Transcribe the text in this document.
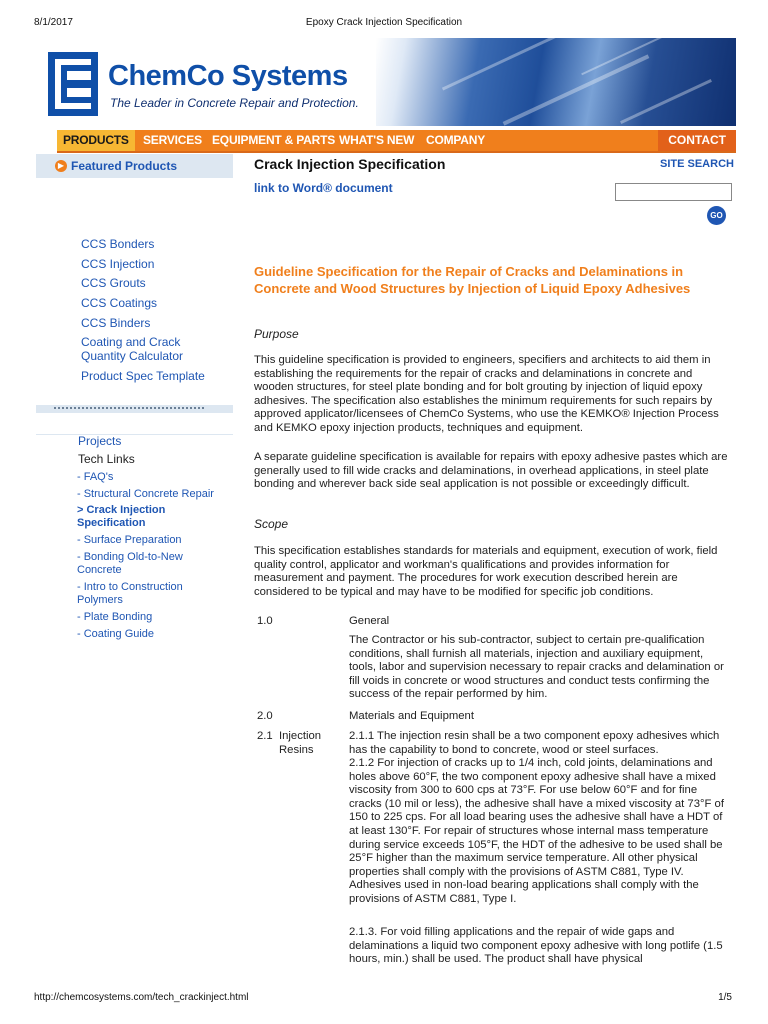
8/1/2017	Epoxy Crack Injection Specification
ChemCo Systems
The Leader in Concrete Repair and Protection.
PRODUCTS	SERVICES EQUIPMENT & PARTS WHAT'S NEW COMPANY	CONTACT
▶ Featured Products
CCS Bonders
CCS Injection
CCS Grouts
CCS Coatings
CCS Binders
Coating and Crack Quantity Calculator
Product Spec Template
Projects
Tech Links
- FAQ's
- Structural Concrete Repair
> Crack Injection Specification
- Surface Preparation
- Bonding Old-to-New Concrete
- Intro to Construction Polymers
- Plate Bonding
- Coating Guide
SITE SEARCH
GO
Crack Injection Specification
link to Word® document
Guideline Specification for the Repair of Cracks and Delaminations in Concrete and Wood Structures by Injection of Liquid Epoxy Adhesives
Purpose
This guideline specification is provided to engineers, specifiers and architects to aid them in establishing the requirements for the repair of cracks and delaminations in concrete and wooden structures, for steel plate bonding and for bolt grouting by injection of liquid epoxy adhesives. The specification also establishes the minimum requirements for such repairs by approved applicator/licensees of ChemCo Systems, who use the KEMKO® Injection Process and KEMKO epoxy injection products, techniques and equipment.
A separate guideline specification is available for repairs with epoxy adhesive pastes which are generally used to fill wide cracks and delaminations, in overhead applications, in steel plate bonding and wherever back side seal application is not possible or exceedingly difficult.
Scope
This specification establishes standards for materials and equipment, execution of work, field quality control, applicator and workman's qualifications and provides information for measurement and payment. The procedures for work execution described herein are considered to be typical and may have to be modified for specific job conditions.
1.0	General
The Contractor or his sub-contractor, subject to certain pre-qualification conditions, shall furnish all materials, injection and auxiliary equipment, tools, labor and supervision necessary to repair cracks and delamination or fill voids in concrete or wood structures and conduct tests confirming the success of the repair performed by him.
2.0	Materials and Equipment
2.1 Injection Resins
2.1.1 The injection resin shall be a two component epoxy adhesives which has the capability to bond to concrete, wood or steel surfaces.
2.1.2 For injection of cracks up to 1/4 inch, cold joints, delaminations and holes above 60°F, the two component epoxy adhesive shall have a mixed viscosity from 300 to 600 cps at 73°F. For use below 60°F and for fine cracks (10 mil or less), the adhesive shall have a mixed viscosity at 73°F of 150 to 225 cps. For all load bearing uses the adhesive shall have a HDT of at least 130°F. For repair of structures whose internal mass temperature during service exceeds 105°F, the HDT of the adhesive to be used shall be 25°F higher than the maximum service temperature. All other physical properties shall comply with the provisions of ASTM C881, Type IV. Adhesives used in non-load bearing applications shall comply with the provisions of ASTM C881, Type I.
2.1.3. For void filling applications and the repair of wide gaps and delaminations a liquid two component epoxy adhesive with long potlife (1.5 hours, min.) shall be used. The product shall have physical
http://chemcosystems.com/tech_crackinject.html	1/5
